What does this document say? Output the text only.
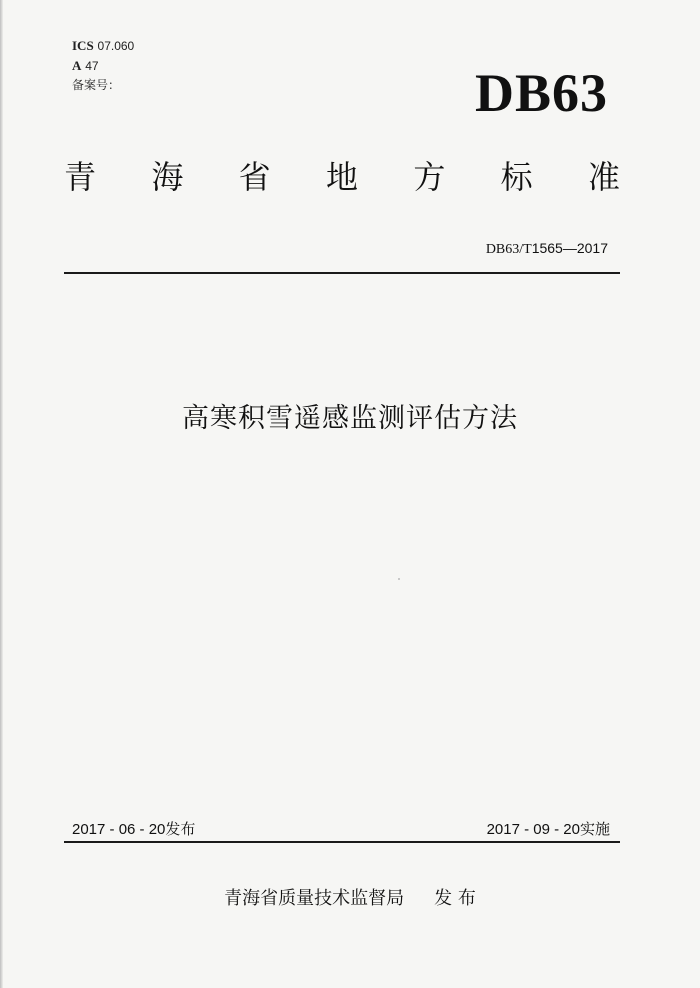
ICS 07.060
A 47
备案号：	DB63
青 海 省 地 方 标 准
DB63/T1565—2017
高寒积雪遥感监测评估方法
2017 - 06 - 20发布	2017 - 09 - 20实施
青海省质量技术监督局 发 布
